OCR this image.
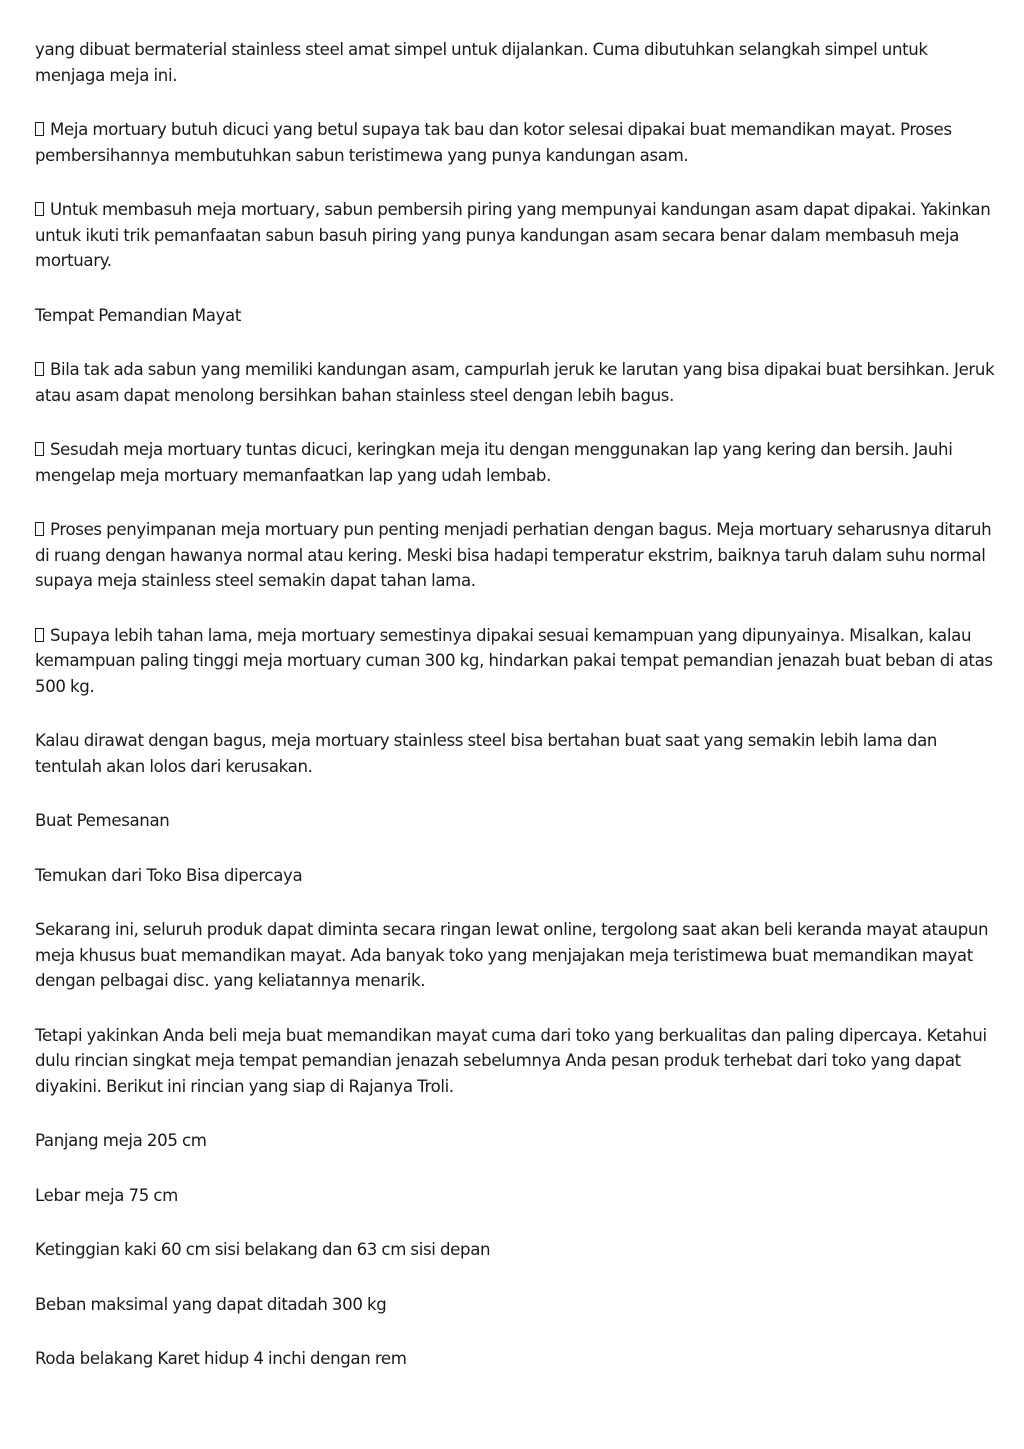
yang dibuat bermaterial stainless steel amat simpel untuk dijalankan. Cuma dibutuhkan selangkah simpel untuk menjaga meja ini.

Meja mortuary butuh dicuci yang betul supaya tak bau dan kotor selesai dipakai buat memandikan mayat. Proses pembersihannya membutuhkan sabun teristimewa yang punya kandungan asam.

Untuk membasuh meja mortuary, sabun pembersih piring yang mempunyai kandungan asam dapat dipakai. Yakinkan untuk ikuti trik pemanfaatan sabun basuh piring yang punya kandungan asam secara benar dalam membasuh meja mortuary.

Tempat Pemandian Mayat

Bila tak ada sabun yang memiliki kandungan asam, campurlah jeruk ke larutan yang bisa dipakai buat bersihkan. Jeruk atau asam dapat menolong bersihkan bahan stainless steel dengan lebih bagus.

Sesudah meja mortuary tuntas dicuci, keringkan meja itu dengan menggunakan lap yang kering dan bersih. Jauhi mengelap meja mortuary memanfaatkan lap yang udah lembab.

Proses penyimpanan meja mortuary pun penting menjadi perhatian dengan bagus. Meja mortuary seharusnya ditaruh di ruang dengan hawanya normal atau kering. Meski bisa hadapi temperatur ekstrim, baiknya taruh dalam suhu normal supaya meja stainless steel semakin dapat tahan lama.

Supaya lebih tahan lama, meja mortuary semestinya dipakai sesuai kemampuan yang dipunyainya. Misalkan, kalau kemampuan paling tinggi meja mortuary cuman 300 kg, hindarkan pakai tempat pemandian jenazah buat beban di atas 500 kg.

Kalau dirawat dengan bagus, meja mortuary stainless steel bisa bertahan buat saat yang semakin lebih lama dan tentulah akan lolos dari kerusakan.

Buat Pemesanan

Temukan dari Toko Bisa dipercaya

Sekarang ini, seluruh produk dapat diminta secara ringan lewat online, tergolong saat akan beli keranda mayat ataupun meja khusus buat memandikan mayat. Ada banyak toko yang menjajakan meja teristimewa buat memandikan mayat dengan pelbagai disc. yang keliatannya menarik.

Tetapi yakinkan Anda beli meja buat memandikan mayat cuma dari toko yang berkualitas dan paling dipercaya. Ketahui dulu rincian singkat meja tempat pemandian jenazah sebelumnya Anda pesan produk terhebat dari toko yang dapat diyakini. Berikut ini rincian yang siap di Rajanya Troli.

Panjang meja 205 cm

Lebar meja 75 cm

Ketinggian kaki 60 cm sisi belakang dan 63 cm sisi depan

Beban maksimal yang dapat ditadah 300 kg

Roda belakang Karet hidup 4 inchi dengan rem
